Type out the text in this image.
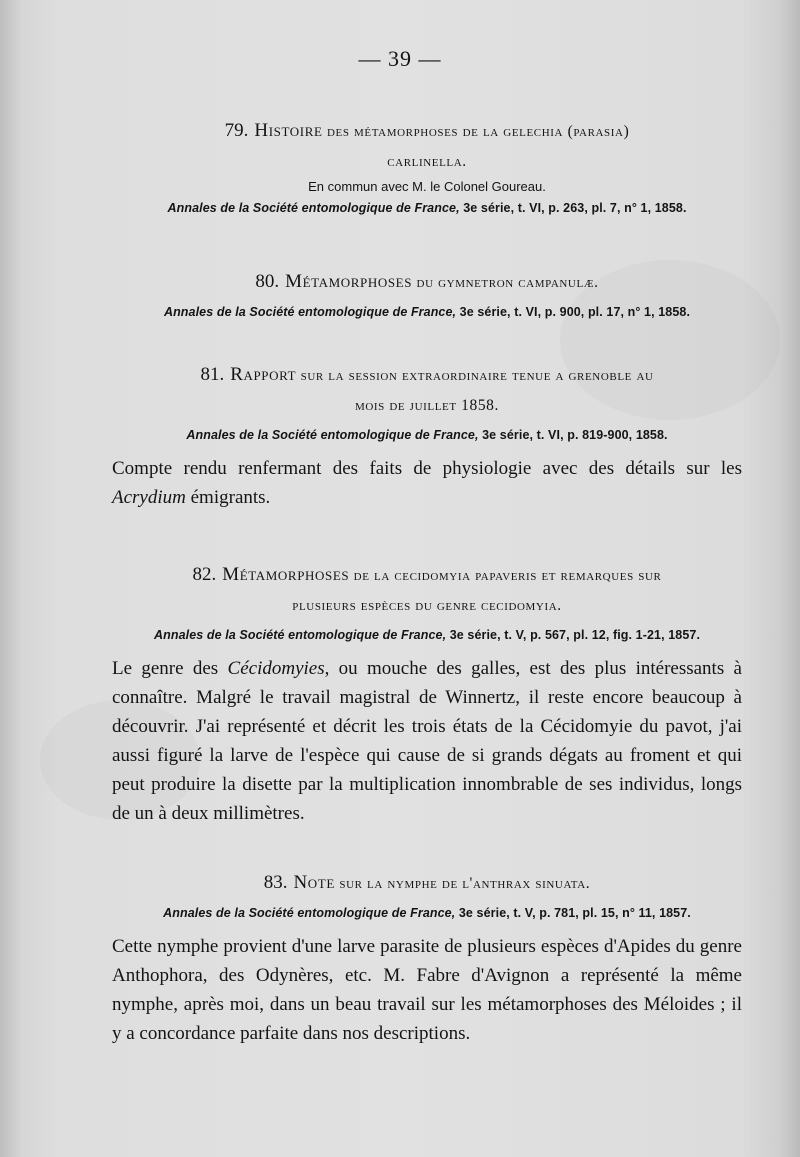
— 39 —
79. Histoire des métamorphoses de la gelechia (parasia)
carlinella.
En commun avec M. le Colonel Goureau.
Annales de la Société entomologique de France, 3e série, t. VI, p. 263, pl. 7, n° 1, 1858.
80. Métamorphoses du gymnetron campanulæ.
Annales de la Société entomologique de France, 3e série, t. VI, p. 900, pl. 17, n° 1, 1858.
81. Rapport sur la session extraordinaire tenue a grenoble au
mois de juillet 1858.
Annales de la Société entomologique de France, 3e série, t. VI, p. 819-900, 1858.

Compte rendu renfermant des faits de physiologie avec des détails sur les Acrydium émigrants.

82. Métamorphoses de la cecidomyia papaveris et remarques sur
plusieurs espèces du genre cecidomyia.
Annales de la Société entomologique de France, 3e série, t. V, p. 567, pl. 12, fig. 1-21, 1857.

Le genre des Cécidomyies, ou mouche des galles, est des plus intéressants à connaître. Malgré le travail magistral de Winnertz, il reste encore beaucoup à découvrir. J'ai représenté et décrit les trois états de la Cécidomyie du pavot, j'ai aussi figuré la larve de l'espèce qui cause de si grands dégats au froment et qui peut produire la disette par la multiplication innombrable de ses individus, longs de un à deux millimètres.

83. Note sur la nymphe de l'anthrax sinuata.
Annales de la Société entomologique de France, 3e série, t. V, p. 781, pl. 15, n° 11, 1857.

Cette nymphe provient d'une larve parasite de plusieurs espèces d'Apides du genre Anthophora, des Odynères, etc. M. Fabre d'Avignon a représenté la même nymphe, après moi, dans un beau travail sur les métamorphoses des Méloides ; il y a concordance parfaite dans nos descriptions.
